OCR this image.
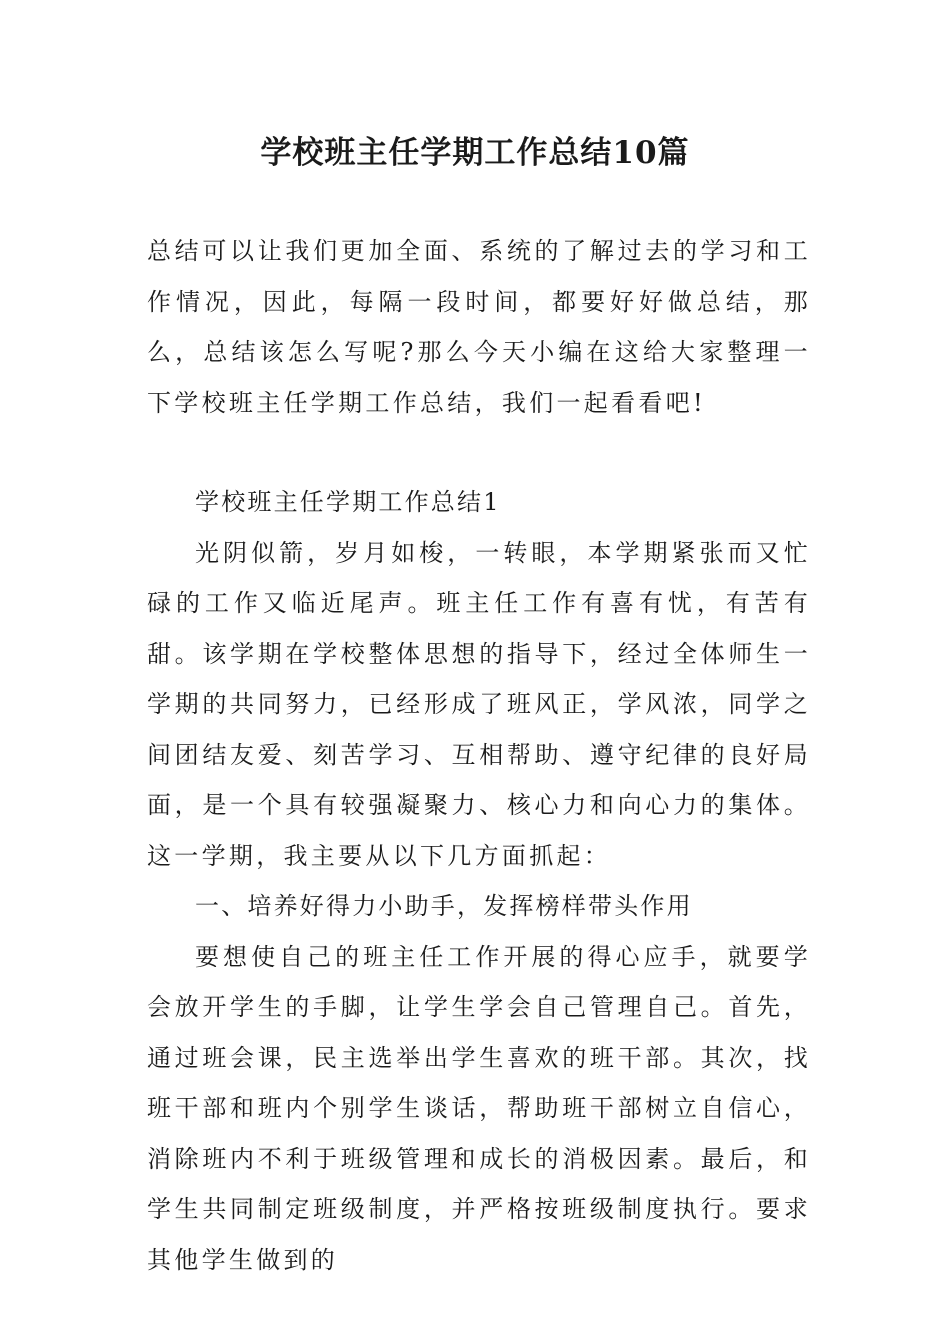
学校班主任学期工作总结10篇

总结可以让我们更加全面、系统的了解过去的学习和工作情况，因此，每隔一段时间，都要好好做总结，那么，总结该怎么写呢?那么今天小编在这给大家整理一下学校班主任学期工作总结，我们一起看看吧!

学校班主任学期工作总结1

光阴似箭，岁月如梭，一转眼，本学期紧张而又忙碌的工作又临近尾声。班主任工作有喜有忧，有苦有甜。该学期在学校整体思想的指导下，经过全体师生一学期的共同努力，已经形成了班风正，学风浓，同学之间团结友爱、刻苦学习、互相帮助、遵守纪律的良好局面，是一个具有较强凝聚力、核心力和向心力的集体。这一学期，我主要从以下几方面抓起：

一、培养好得力小助手，发挥榜样带头作用

要想使自己的班主任工作开展的得心应手，就要学会放开学生的手脚，让学生学会自己管理自己。首先，通过班会课，民主选举出学生喜欢的班干部。其次，找班干部和班内个别学生谈话，帮助班干部树立自信心，消除班内不利于班级管理和成长的消极因素。最后，和学生共同制定班级制度，并严格按班级制度执行。要求其他学生做到的
